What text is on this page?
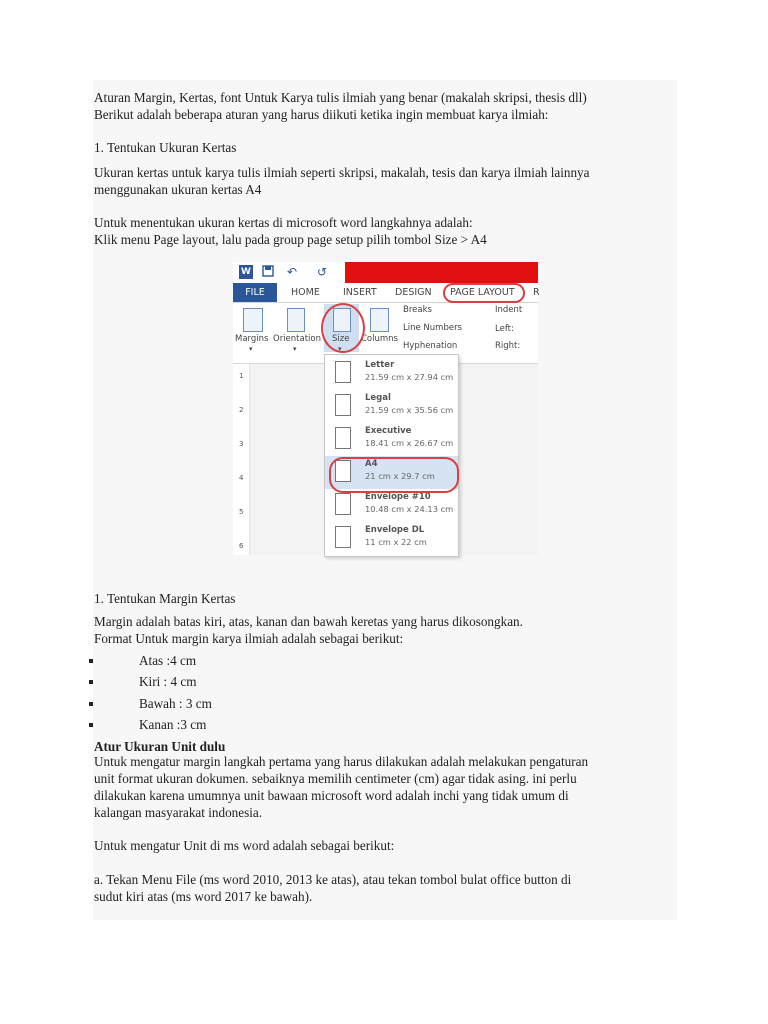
Aturan Margin, Kertas, font Untuk Karya tulis ilmiah yang benar (makalah skripsi, thesis dll)

Berikut adalah beberapa aturan yang harus diikuti ketika ingin membuat karya ilmiah:

1. Tentukan Ukuran Kertas

Ukuran kertas untuk karya tulis ilmiah seperti skripsi, makalah, tesis dan karya ilmiah lainnya

menggunakan ukuran kertas A4

Untuk menentukan ukuran kertas di microsoft word langkahnya adalah:

Klik menu Page layout, lalu pada group page setup pilih tombol Size > A4

W	↶ ↺
FILE	HOME INSERT DESIGN PAGE LAYOUT R
Margins
▾
Orientation
▾
Size
▾
Columns
Breaks
Line Numbers
Hyphenation
Indent
Left:
Right:
1
2
3
4
5
6
Letter
21.59 cm x 27.94 cm
Legal
21.59 cm x 35.56 cm
Executive
18.41 cm x 26.67 cm
A4
21 cm x 29.7 cm
Envelope #10
10.48 cm x 24.13 cm
Envelope DL
11 cm x 22 cm

1. Tentukan Margin Kertas

Margin adalah batas kiri, atas, kanan dan bawah keretas yang harus dikosongkan.

Format Untuk margin karya ilmiah adalah sebagai berikut:

Atas :4 cm
Kiri : 4 cm
Bawah : 3 cm
Kanan :3 cm

Atur Ukuran Unit dulu

Untuk mengatur margin langkah pertama yang harus dilakukan adalah melakukan pengaturan

unit format ukuran dokumen. sebaiknya memilih centimeter (cm) agar tidak asing. ini perlu

dilakukan karena umumnya unit bawaan microsoft word adalah inchi yang tidak umum di

kalangan masyarakat indonesia.

Untuk mengatur Unit di ms word adalah sebagai berikut:

a. Tekan Menu File (ms word 2010, 2013 ke atas), atau tekan tombol bulat office button di

sudut kiri atas (ms word 2017 ke bawah).
